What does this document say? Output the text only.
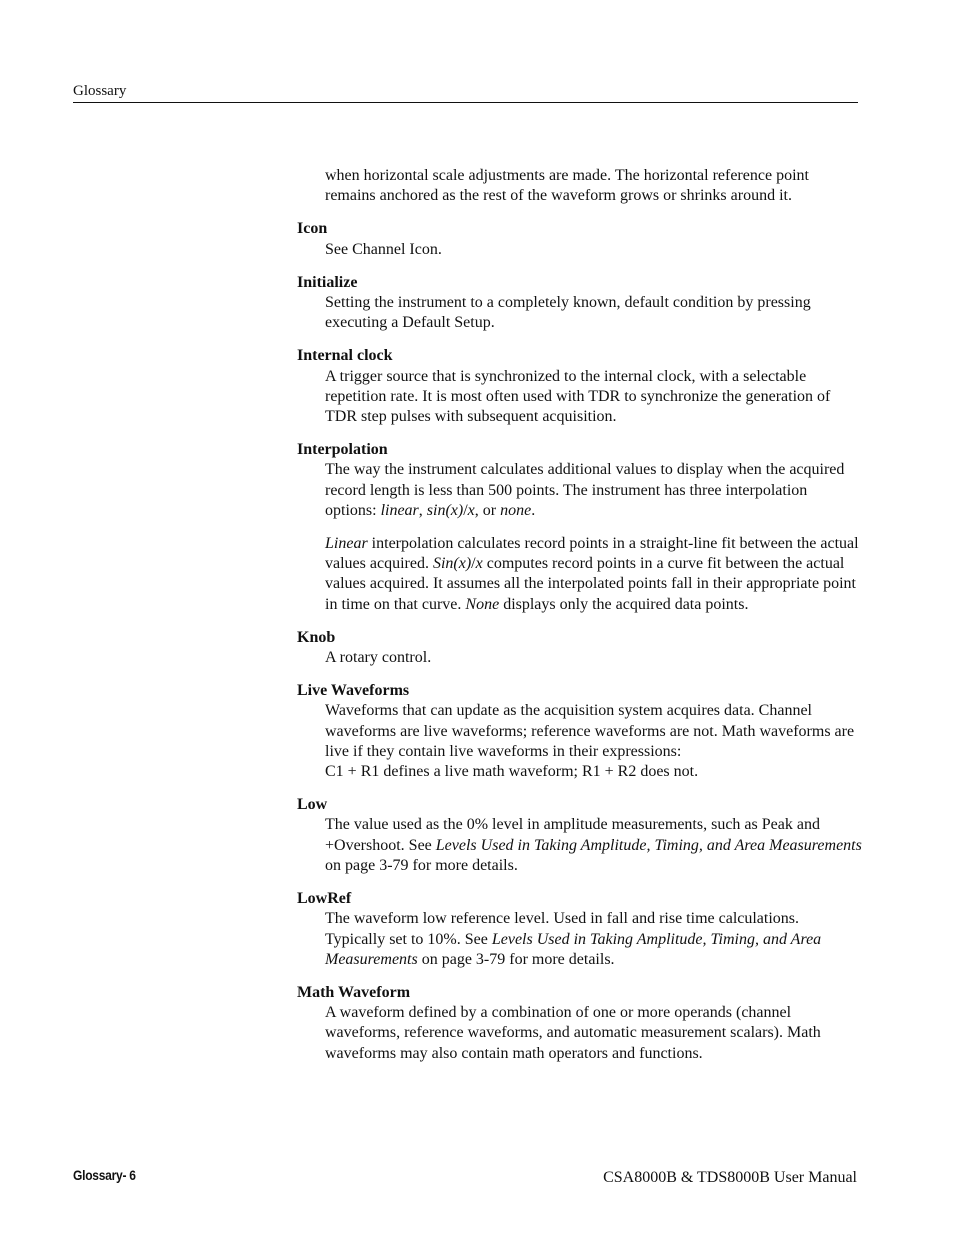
Glossary

when horizontal scale adjustments are made. The horizontal reference point remains anchored as the rest of the waveform grows or shrinks around it.

Icon

See Channel Icon.

Initialize

Setting the instrument to a completely known, default condition by pressing executing a Default Setup.

Internal clock

A trigger source that is synchronized to the internal clock, with a selectable repetition rate. It is most often used with TDR to synchronize the generation of TDR step pulses with subsequent acquisition.

Interpolation

The way the instrument calculates additional values to display when the acquired record length is less than 500 points. The instrument has three interpolation options: linear, sin(x)/x, or none.

Linear interpolation calculates record points in a straight-line fit between the actual values acquired. Sin(x)/x computes record points in a curve fit between the actual values acquired. It assumes all the interpolated points fall in their appropriate point in time on that curve. None displays only the acquired data points.

Knob

A rotary control.

Live Waveforms

Waveforms that can update as the acquisition system acquires data. Channel waveforms are live waveforms; reference waveforms are not. Math waveforms are live if they contain live waveforms in their expressions:
C1 + R1 defines a live math waveform; R1 + R2 does not.

Low

The value used as the 0% level in amplitude measurements, such as Peak and +Overshoot. See Levels Used in Taking Amplitude, Timing, and Area Measurements on page 3-79 for more details.

LowRef

The waveform low reference level. Used in fall and rise time calculations. Typically set to 10%. See Levels Used in Taking Amplitude, Timing, and Area Measurements on page 3-79 for more details.

Math Waveform

A waveform defined by a combination of one or more operands (channel waveforms, reference waveforms, and automatic measurement scalars). Math waveforms may also contain math operators and functions.

Glossary- 6	CSA8000B & TDS8000B User Manual
